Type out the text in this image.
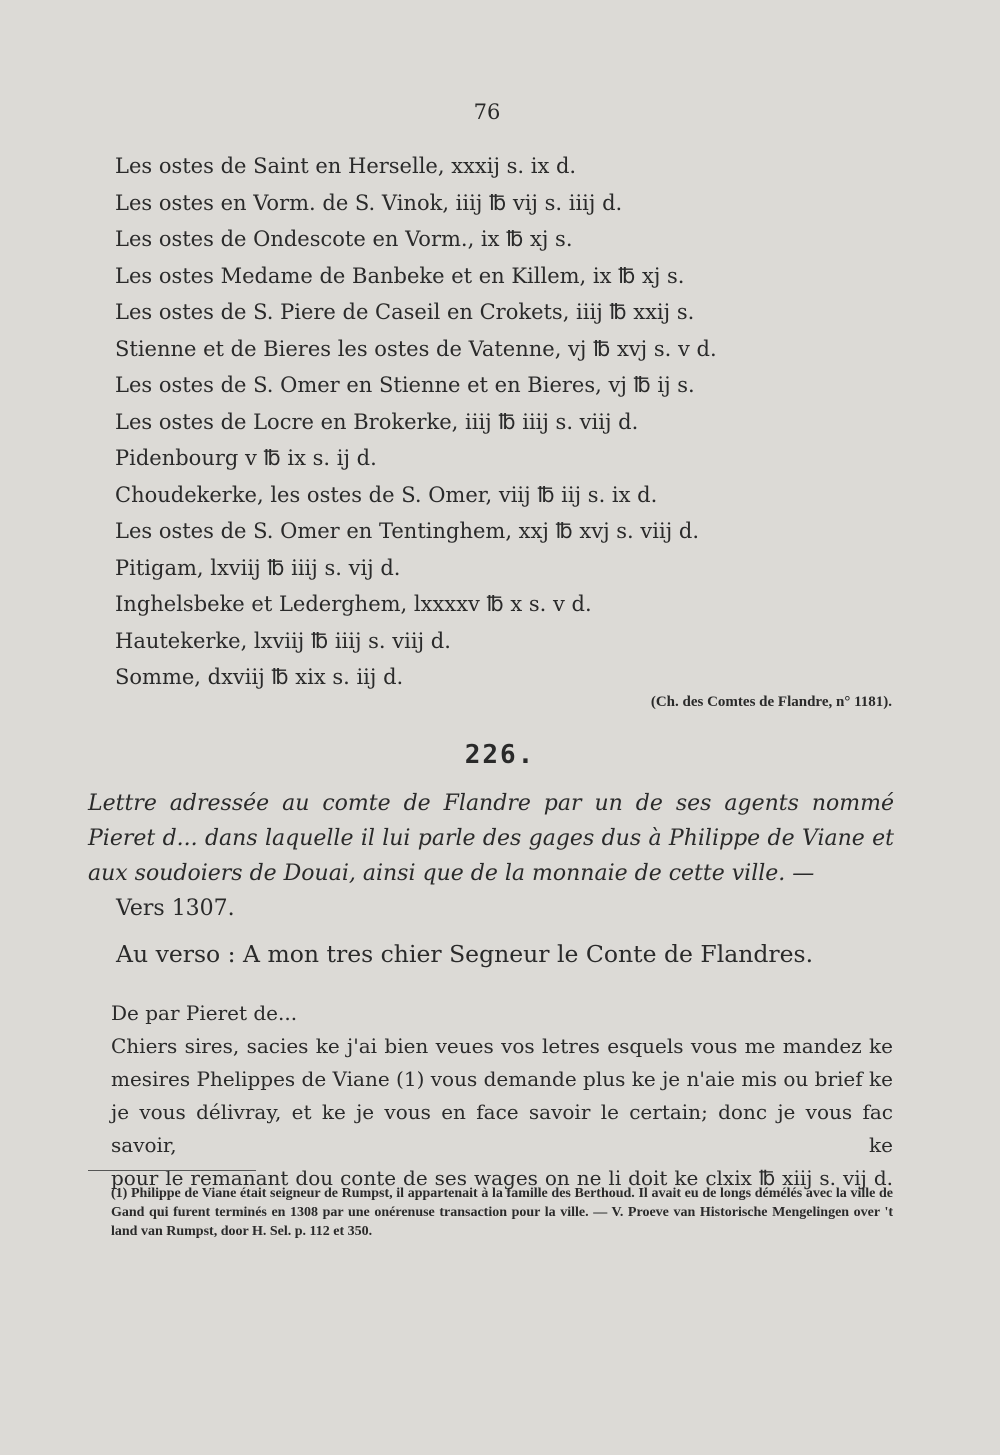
76
Les ostes de Saint en Herselle, xxxij s. ix d.
Les ostes en Vorm. de S. Vinok, iiij ℔ vij s. iiij d.
Les ostes de Ondescote en Vorm., ix ℔ xj s.
Les ostes Medame de Banbeke et en Killem, ix ℔ xj s.
Les ostes de S. Piere de Caseil en Crokets, iiij ℔ xxij s.
Stienne et de Bieres les ostes de Vatenne, vj ℔ xvj s. v d.
Les ostes de S. Omer en Stienne et en Bieres, vj ℔ ij s.
Les ostes de Locre en Brokerke, iiij ℔ iiij s. viij d.
Pidenbourg v ℔ ix s. ij d.
Choudekerke, les ostes de S. Omer, viij ℔ iij s. ix d.
Les ostes de S. Omer en Tentinghem, xxj ℔ xvj s. viij d.
Pitigam, lxviij ℔ iiij s. vij d.
Inghelsbeke et Lederghem, lxxxxv ℔ x s. v d.
Hautekerke, lxviij ℔ iiij s. viij d.
Somme, dxviij ℔ xix s. iij d.
(Ch. des Comtes de Flandre, n° 1181).
226.
Lettre adressée au comte de Flandre par un de ses agents nommé Pieret d... dans laquelle il lui parle des gages dus à Philippe de Viane et aux soudoiers de Douai, ainsi que de la monnaie de cette ville. —
Vers 1307.
Au verso : A mon tres chier Segneur le Conte de Flandres.
De par Pieret de...
Chiers sires, sacies ke j'ai bien veues vos letres esquels vous me mandez ke
mesires Phelippes de Viane (1) vous demande plus ke je n'aie mis ou brief ke
je vous délivray, et ke je vous en face savoir le certain; donc je vous fac savoir, ke
pour le remanant dou conte de ses wages on ne li doit ke clxix ℔ xiij s. vij d.
(1) Philippe de Viane était seigneur de Rumpst, il appartenait à la famille des Berthoud. Il avait eu de longs démélés avec la ville de Gand qui furent terminés en 1308 par une onérenuse transaction pour la ville. — V. Proeve van Historische Mengelingen over 't land van Rumpst, door H. Sel. p. 112 et 350.
